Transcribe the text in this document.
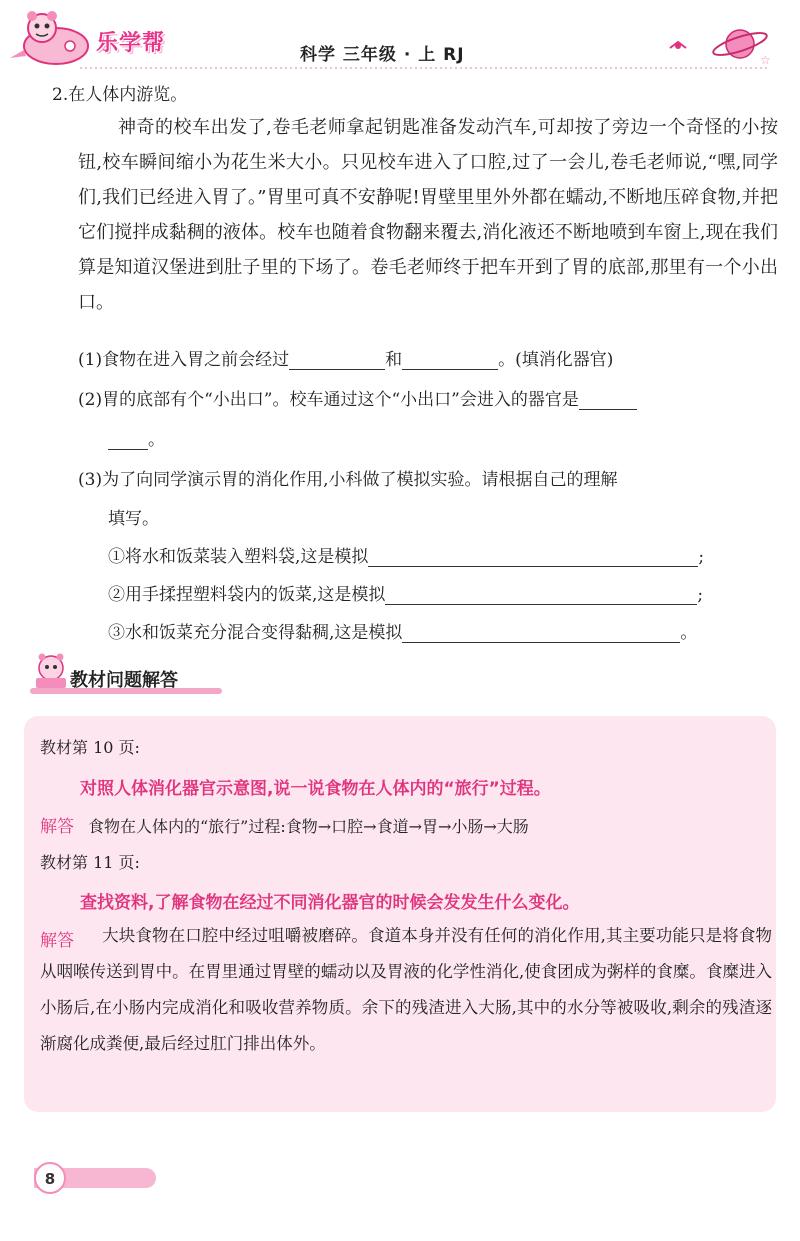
乐学帮	科学 三年级 · 上 RJ	☆
2.在人体内游览。

神奇的校车出发了,卷毛老师拿起钥匙准备发动汽车,可却按了旁边一个奇怪的小按钮,校车瞬间缩小为花生米大小。只见校车进入了口腔,过了一会儿,卷毛老师说,“嘿,同学们,我们已经进入胃了。”胃里可真不安静呢!胃壁里里外外都在蠕动,不断地压碎食物,并把它们搅拌成黏稠的液体。校车也随着食物翻来覆去,消化液还不断地喷到车窗上,现在我们算是知道汉堡进到肚子里的下场了。卷毛老师终于把车开到了胃的底部,那里有一个小出口。

(1)食物在进入胃之前会经过	和	。(填消化器官)
(2)胃的底部有个“小出口”。校车通过这个“小出口”会进入的器官是
。
(3)为了向同学演示胃的消化作用,小科做了模拟实验。请根据自己的理解
填写。
①将水和饭菜装入塑料袋,这是模拟	;
②用手揉捏塑料袋内的饭菜,这是模拟	;
③水和饭菜充分混合变得黏稠,这是模拟	。
教材问题解答
教材第 10 页:
对照人体消化器官示意图,说一说食物在人体内的“旅行”过程。
解答 食物在人体内的“旅行”过程:食物→口腔→食道→胃→小肠→大肠
教材第 11 页:
查找资料,了解食物在经过不同消化器官的时候会发发生什么变化。
解答	大块食物在口腔中经过咀嚼被磨碎。食道本身并没有任何的消化作用,其主要功能只是将食物从咽喉传送到胃中。在胃里通过胃壁的蠕动以及胃液的化学性消化,使食团成为粥样的食糜。食糜进入小肠后,在小肠内完成消化和吸收营养物质。余下的残渣进入大肠,其中的水分等被吸收,剩余的残渣逐渐腐化成粪便,最后经过肛门排出体外。

8
